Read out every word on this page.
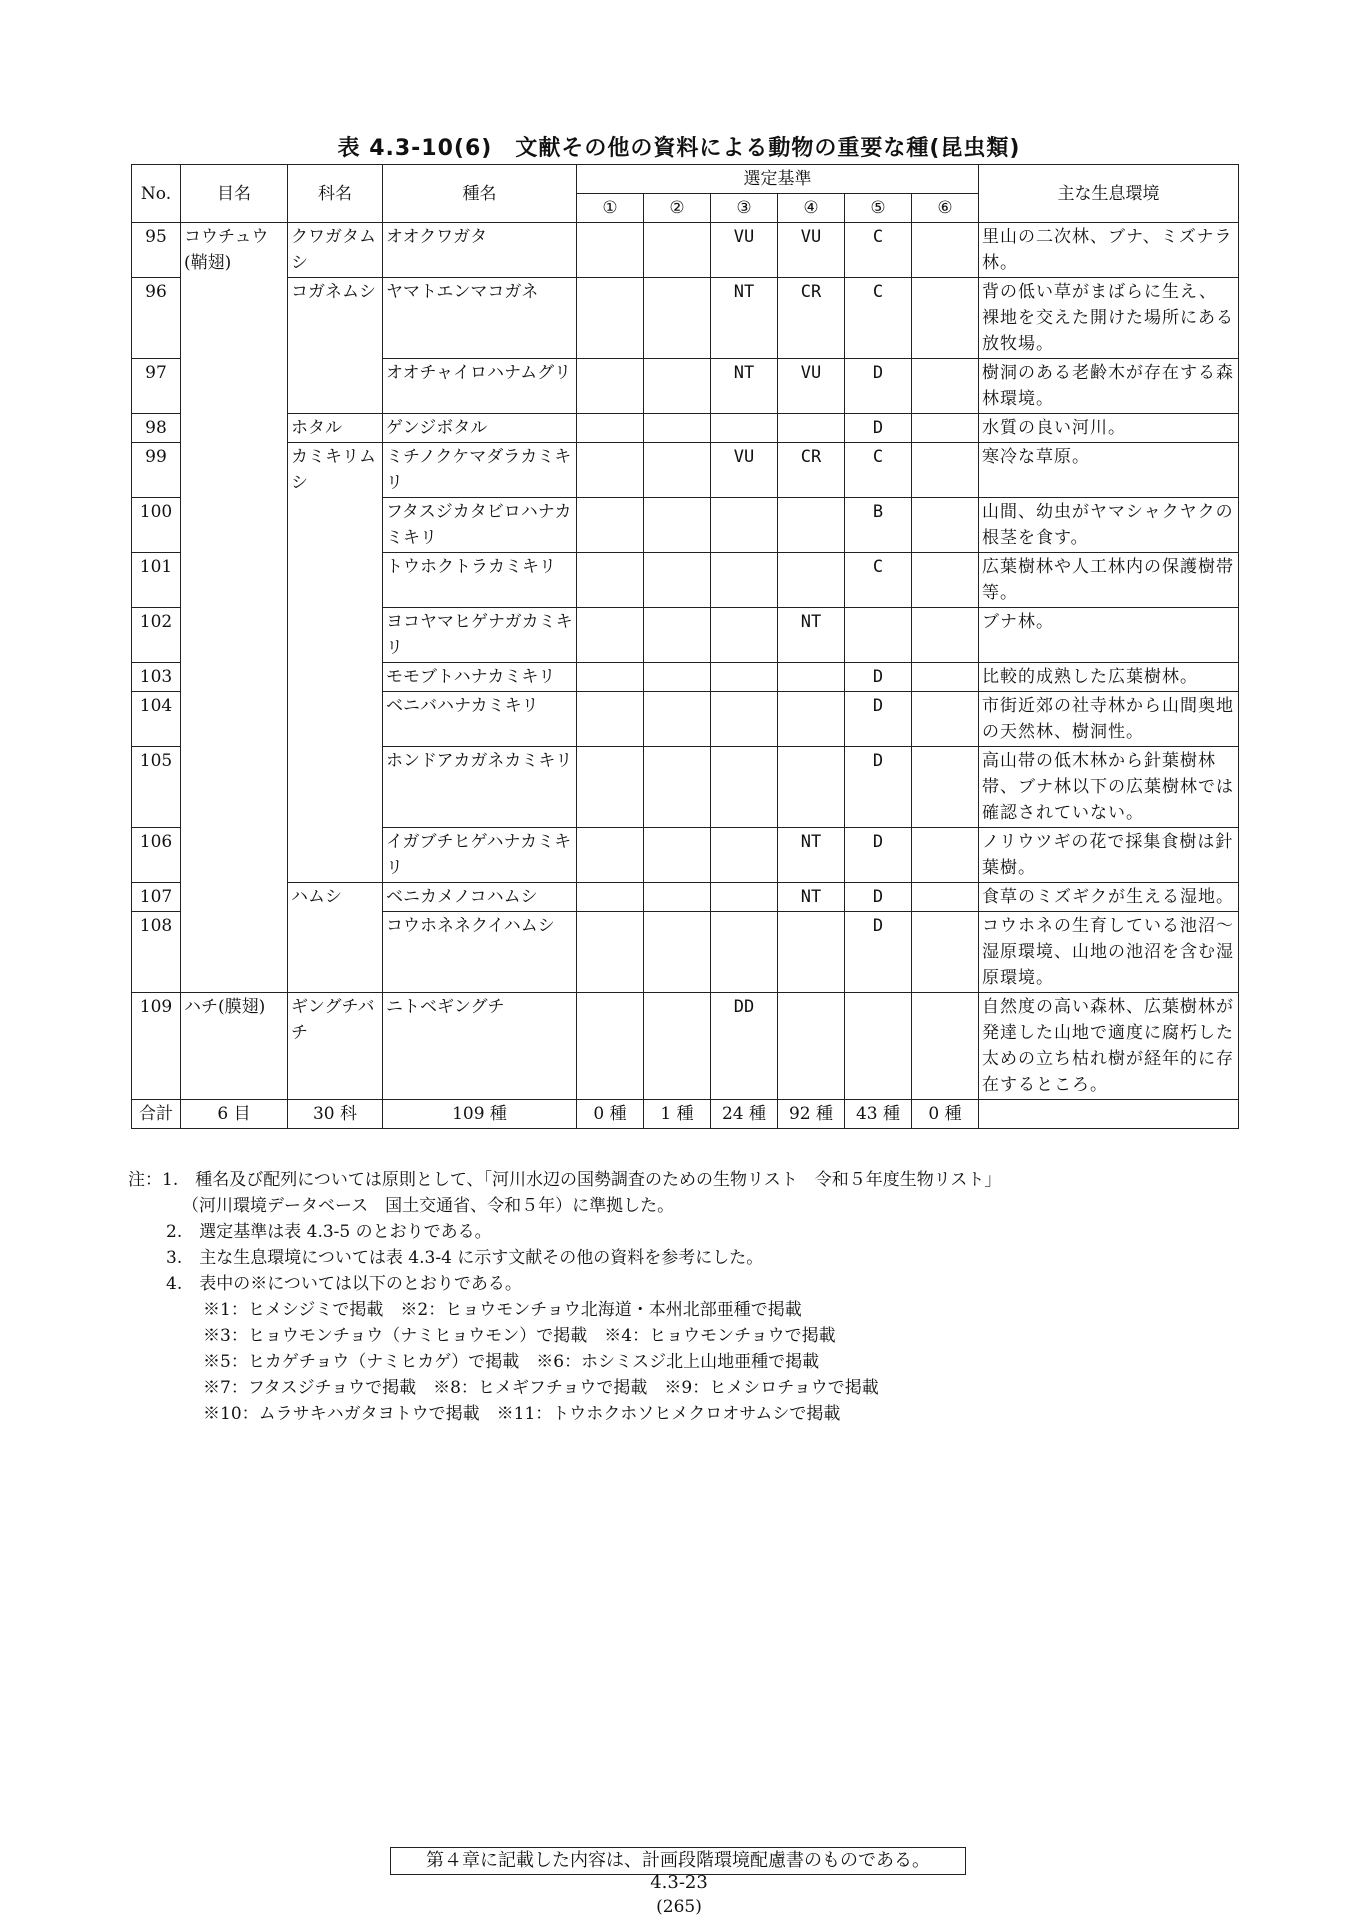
表 4.3-10(6)　文献その他の資料による動物の重要な種(昆虫類)
No.	目名	科名	種名	選定基準						主な生息環境
				①	②	③	④	⑤	⑥	
95	コウチュウ(鞘翅)	クワガタムシ	オオクワガタ			VU	VU	C		里山の二次林、ブナ、ミズナラ林。
96		コガネムシ	ヤマトエンマコガネ			NT	CR	C		背の低い草がまばらに生え、裸地を交えた開けた場所にある放牧場。
97			オオチャイロハナムグリ			NT	VU	D		樹洞のある老齢木が存在する森林環境。
98		ホタル	ゲンジボタル					D		水質の良い河川。
99		カミキリムシ	ミチノクケマダラカミキリ			VU	CR	C		寒冷な草原。
100			フタスジカタビロハナカミキリ					B		山間、幼虫がヤマシャクヤクの根茎を食す。
101			トウホクトラカミキリ					C		広葉樹林や人工林内の保護樹帯等。
102			ヨコヤマヒゲナガカミキリ				NT			ブナ林。
103			モモブトハナカミキリ					D		比較的成熟した広葉樹林。
104			ベニバハナカミキリ					D		市街近郊の社寺林から山間奥地の天然林、樹洞性。
105			ホンドアカガネカミキリ					D		高山帯の低木林から針葉樹林帯、ブナ林以下の広葉樹林では確認されていない。
106			イガブチヒゲハナカミキリ				NT	D		ノリウツギの花で採集食樹は針葉樹。
107		ハムシ	ベニカメノコハムシ				NT	D		食草のミズギクが生える湿地。
108			コウホネネクイハムシ					D		コウホネの生育している池沼～湿原環境、山地の池沼を含む湿原環境。
109	ハチ(膜翅)	ギングチバチ	ニトベギングチ			DD				自然度の高い森林、広葉樹林が発達した山地で適度に腐朽した太めの立ち枯れ樹が経年的に存在するところ。
合計	6 目	30 科	109 種	0 種	1 種	24 種	92 種	43 種	0 種	
注：1.　種名及び配列については原則として、「河川水辺の国勢調査のための生物リスト　令和５年度生物リスト」
（河川環境データベース　国土交通省、令和５年）に準拠した。
2.　選定基準は表 4.3-5 のとおりである。
3.　主な生息環境については表 4.3-4 に示す文献その他の資料を参考にした。
4.　表中の※については以下のとおりである。
※1：ヒメシジミで掲載　※2：ヒョウモンチョウ北海道・本州北部亜種で掲載
※3：ヒョウモンチョウ（ナミヒョウモン）で掲載　※4：ヒョウモンチョウで掲載
※5：ヒカゲチョウ（ナミヒカゲ）で掲載　※6：ホシミスジ北上山地亜種で掲載
※7：フタスジチョウで掲載　※8：ヒメギフチョウで掲載　※9：ヒメシロチョウで掲載
※10：ムラサキハガタヨトウで掲載　※11：トウホクホソヒメクロオサムシで掲載
第４章に記載した内容は、計画段階環境配慮書のものである。
4.3-23
(265)
